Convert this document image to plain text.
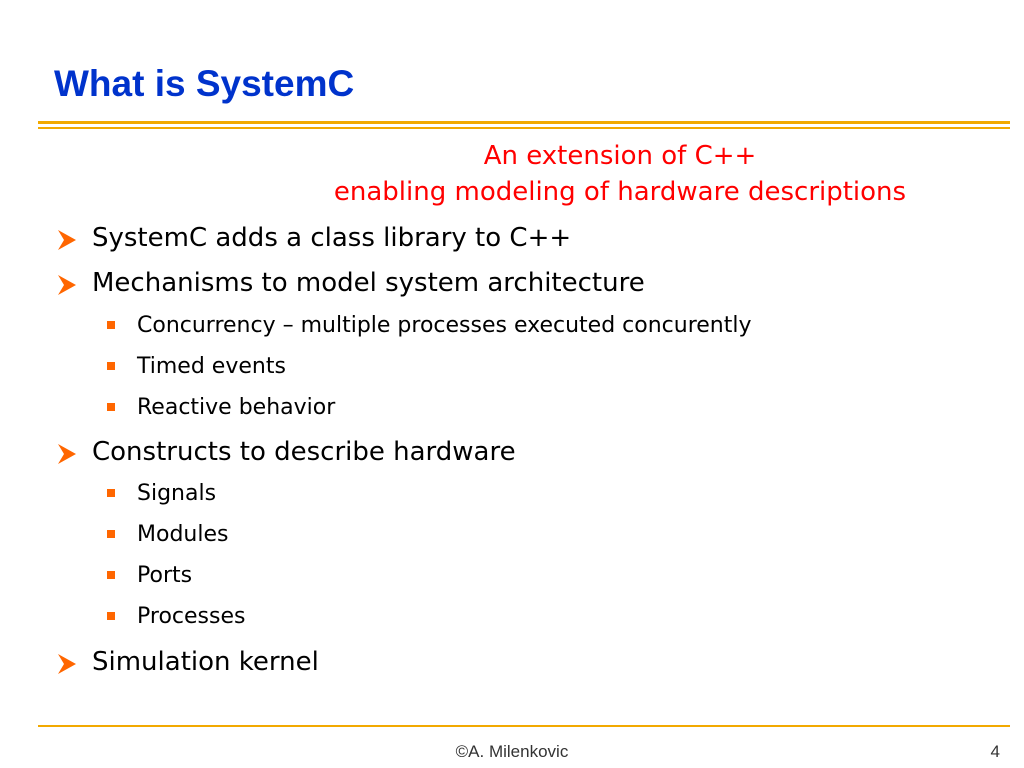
What is SystemC
An extension of C++
enabling modeling of hardware descriptions
SystemC adds a class library to C++
Mechanisms to model system architecture
Concurrency – multiple processes executed concurently
Timed events
Reactive behavior
Constructs to describe hardware
Signals
Modules
Ports
Processes
Simulation kernel
©A. Milenkovic	4
